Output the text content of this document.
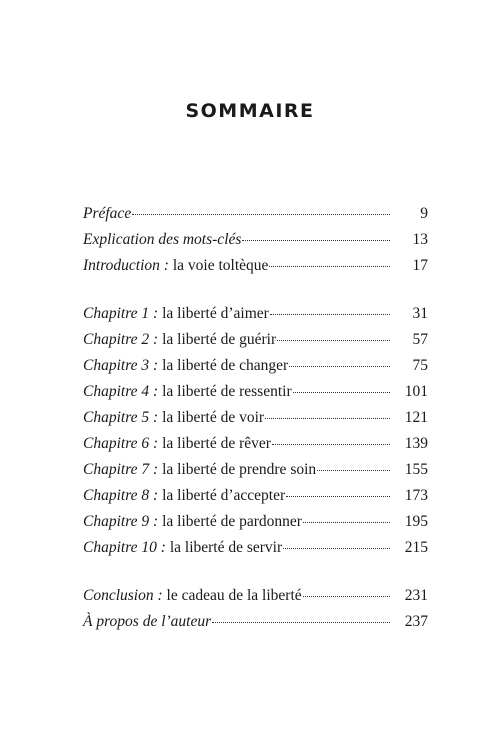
SOMMAIRE
Préface	9
Explication des mots-clés	13
Introduction : la voie toltèque	17
Chapitre 1 : la liberté d’aimer	31
Chapitre 2 : la liberté de guérir	57
Chapitre 3 : la liberté de changer	75
Chapitre 4 : la liberté de ressentir	101
Chapitre 5 : la liberté de voir	121
Chapitre 6 : la liberté de rêver	139
Chapitre 7 : la liberté de prendre soin	155
Chapitre 8 : la liberté d’accepter	173
Chapitre 9 : la liberté de pardonner	195
Chapitre 10 : la liberté de servir	215
Conclusion : le cadeau de la liberté	231
À propos de l’auteur	237
